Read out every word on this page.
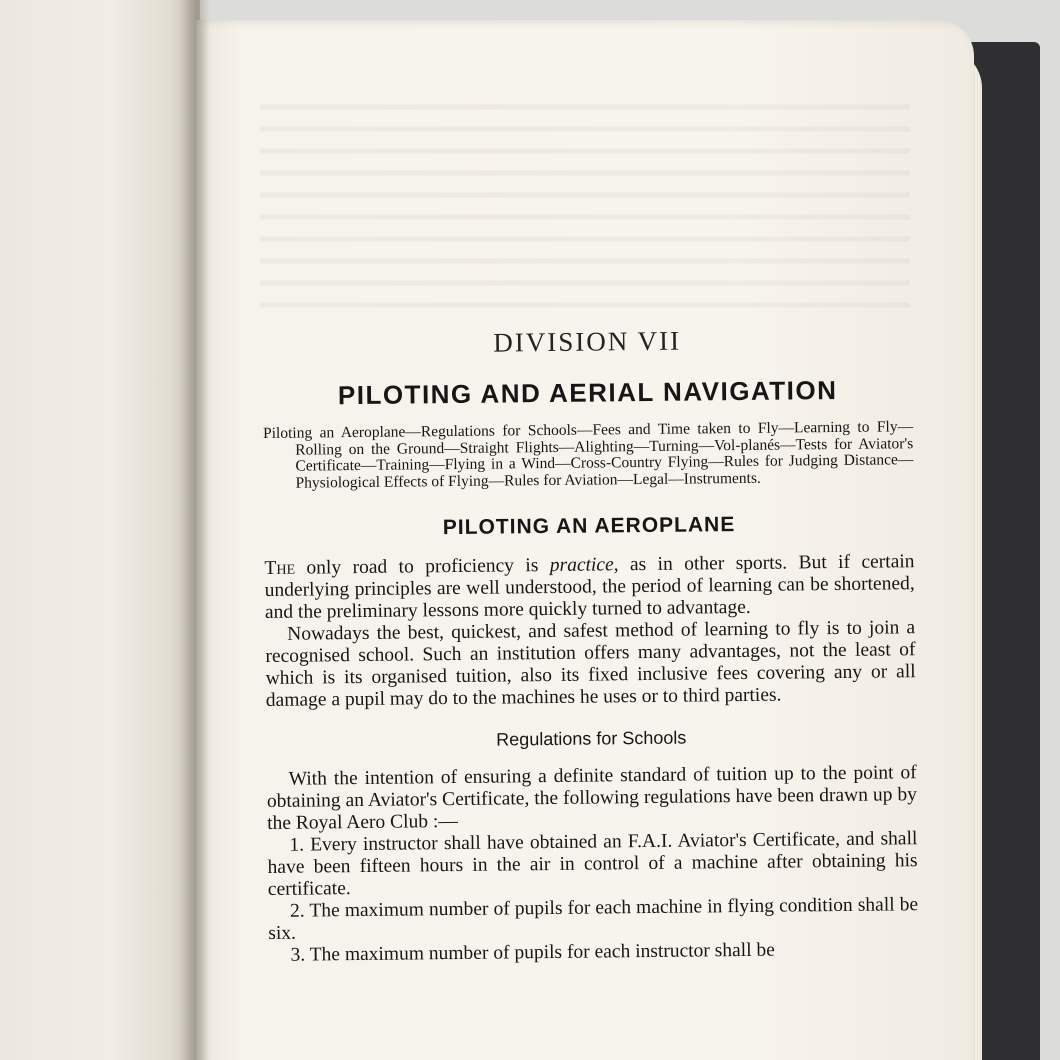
DIVISION VII
PILOTING AND AERIAL NAVIGATION
Piloting an Aeroplane—Regulations for Schools—Fees and Time taken to Fly—Learning to Fly—Rolling on the Ground—Straight Flights—Alighting—Turning—Vol-planés—Tests for Aviator's Certificate—Training—Flying in a Wind—Cross-Country Flying—Rules for Judging Distance—Physiological Effects of Flying—Rules for Aviation—Legal—Instruments.
PILOTING AN AEROPLANE

The only road to proficiency is practice, as in other sports. But if certain underlying principles are well understood, the period of learning can be shortened, and the preliminary lessons more quickly turned to advantage.

Nowadays the best, quickest, and safest method of learning to fly is to join a recognised school. Such an institution offers many advantages, not the least of which is its organised tuition, also its fixed inclusive fees covering any or all damage a pupil may do to the machines he uses or to third parties.

Regulations for Schools

With the intention of ensuring a definite standard of tuition up to the point of obtaining an Aviator's Certificate, the following regulations have been drawn up by the Royal Aero Club :—

1. Every instructor shall have obtained an F.A.I. Aviator's Certificate, and shall have been fifteen hours in the air in control of a machine after obtaining his certificate.

2. The maximum number of pupils for each machine in flying condition shall be six.

3. The maximum number of pupils for each instructor shall be
